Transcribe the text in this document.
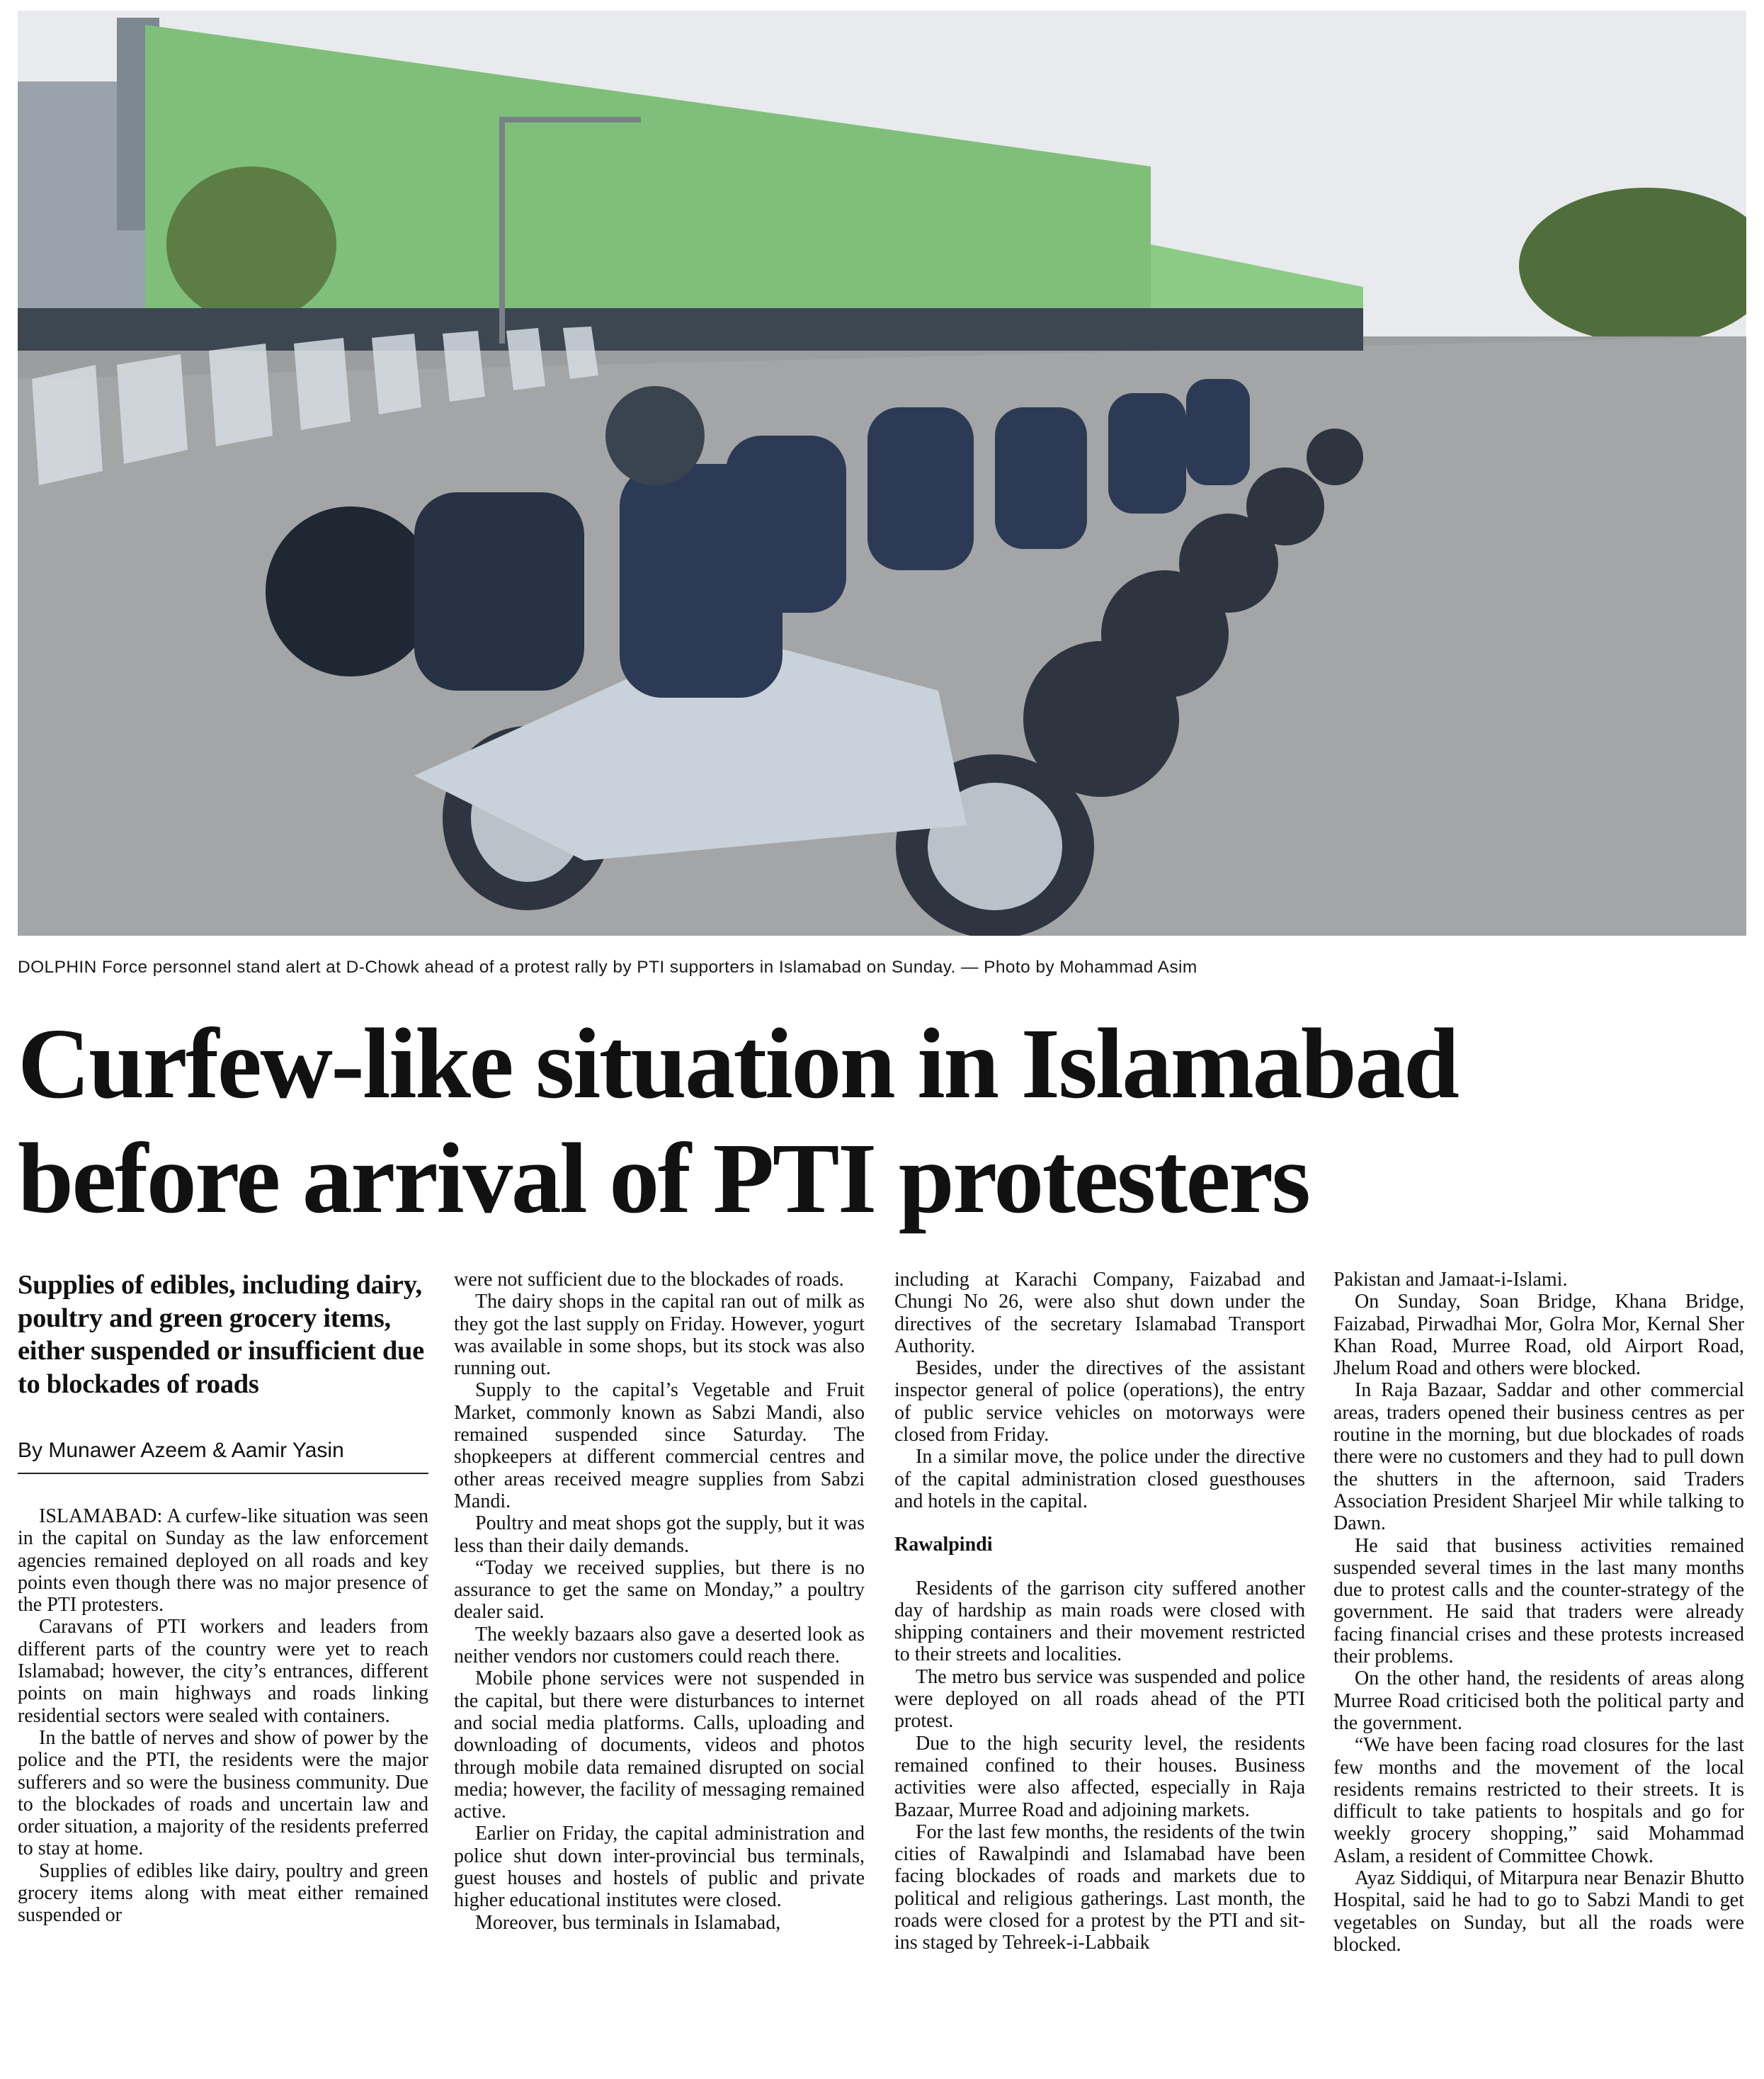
DOLPHIN Force personnel stand alert at D-Chowk ahead of a protest rally by PTI supporters in Islamabad on Sunday. — Photo by Mohammad Asim
Curfew-like situation in Islamabad
before arrival of PTI protesters
Supplies of edibles, including dairy, poultry and green grocery items, either suspended or insufficient due to blockades of roads
By Munawer Azeem & Aamir Yasin

ISLAMABAD: A curfew-like situation was seen in the capital on Sunday as the law enforcement agencies remained deployed on all roads and key points even though there was no major presence of the PTI protesters.

Caravans of PTI workers and leaders from different parts of the country were yet to reach Islamabad; however, the city’s entrances, different points on main highways and roads linking residential sectors were sealed with containers.

In the battle of nerves and show of power by the police and the PTI, the residents were the major sufferers and so were the business community. Due to the blockades of roads and uncertain law and order situation, a majority of the residents preferred to stay at home.

Supplies of edibles like dairy, poultry and green grocery items along with meat either remained suspended or

were not sufficient due to the blockades of roads.

The dairy shops in the capital ran out of milk as they got the last supply on Friday. However, yogurt was available in some shops, but its stock was also running out.

Supply to the capital’s Vegetable and Fruit Market, commonly known as Sabzi Mandi, also remained suspended since Saturday. The shopkeepers at different commercial centres and other areas received meagre supplies from Sabzi Mandi.

Poultry and meat shops got the supply, but it was less than their daily demands.

“Today we received supplies, but there is no assurance to get the same on Monday,” a poultry dealer said.

The weekly bazaars also gave a deserted look as neither vendors nor customers could reach there.

Mobile phone services were not suspended in the capital, but there were disturbances to internet and social media platforms. Calls, uploading and downloading of documents, videos and photos through mobile data remained disrupted on social media; however, the facility of messaging remained active.

Earlier on Friday, the capital administration and police shut down inter-provincial bus terminals, guest houses and hostels of public and private higher educational institutes were closed.

Moreover, bus terminals in Islamabad,

including at Karachi Company, Faizabad and Chungi No 26, were also shut down under the directives of the secretary Islamabad Transport Authority.

Besides, under the directives of the assistant inspector general of police (operations), the entry of public service vehicles on motorways were closed from Friday.

In a similar move, the police under the directive of the capital administration closed guesthouses and hotels in the capital.

Rawalpindi

Residents of the garrison city suffered another day of hardship as main roads were closed with shipping containers and their movement restricted to their streets and localities.

The metro bus service was suspended and police were deployed on all roads ahead of the PTI protest.

Due to the high security level, the residents remained confined to their houses. Business activities were also affected, especially in Raja Bazaar, Murree Road and adjoining markets.

For the last few months, the residents of the twin cities of Rawalpindi and Islamabad have been facing blockades of roads and markets due to political and religious gatherings. Last month, the roads were closed for a protest by the PTI and sit-ins staged by Tehreek-i-Labbaik

Pakistan and Jamaat-i-Islami.

On Sunday, Soan Bridge, Khana Bridge, Faizabad, Pirwadhai Mor, Golra Mor, Kernal Sher Khan Road, Murree Road, old Airport Road, Jhelum Road and others were blocked.

In Raja Bazaar, Saddar and other commercial areas, traders opened their business centres as per routine in the morning, but due blockades of roads there were no customers and they had to pull down the shutters in the afternoon, said Traders Association President Sharjeel Mir while talking to Dawn.

He said that business activities remained suspended several times in the last many months due to protest calls and the counter-strategy of the government. He said that traders were already facing financial crises and these protests increased their problems.

On the other hand, the residents of areas along Murree Road criticised both the political party and the government.

“We have been facing road closures for the last few months and the movement of the local residents remains restricted to their streets. It is difficult to take patients to hospitals and go for weekly grocery shopping,” said Mohammad Aslam, a resident of Committee Chowk.

Ayaz Siddiqui, of Mitarpura near Benazir Bhutto Hospital, said he had to go to Sabzi Mandi to get vegetables on Sunday, but all the roads were blocked.
